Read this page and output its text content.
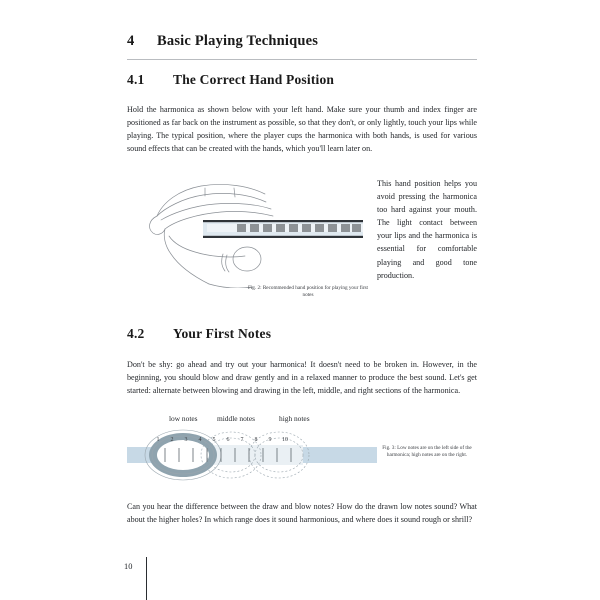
4 Basic Playing Techniques
4.1 The Correct Hand Position

Hold the harmonica as shown below with your left hand. Make sure your thumb and index finger are positioned as far back on the instrument as possible, so that they don't, or only lightly, touch your lips while playing. The typical position, where the player cups the harmonica with both hands, is used for various sound effects that can be created with the hands, which you'll learn later on.

Fig. 2: Recommended hand position for playing your first notes
This hand position helps you avoid pressing the harmonica too hard against your mouth. The light contact between your lips and the harmonica is essential for comfortable playing and good tone production.
4.2 Your First Notes

Don't be shy: go ahead and try out your harmonica! It doesn't need to be broken in. However, in the beginning, you should blow and draw gently and in a relaxed manner to produce the best sound. Let's get started: alternate between blowing and drawing in the left, middle, and right sections of the harmonica.

low notes	middle notes	high notes
1 2 3 4 5 6 7 8 9 10
Fig. 3: Low notes are on the left side of the harmonica; high notes are on the right.

Can you hear the difference between the draw and blow notes? How do the drawn low notes sound? What about the higher holes? In which range does it sound harmonious, and where does it sound rough or shrill?

10
